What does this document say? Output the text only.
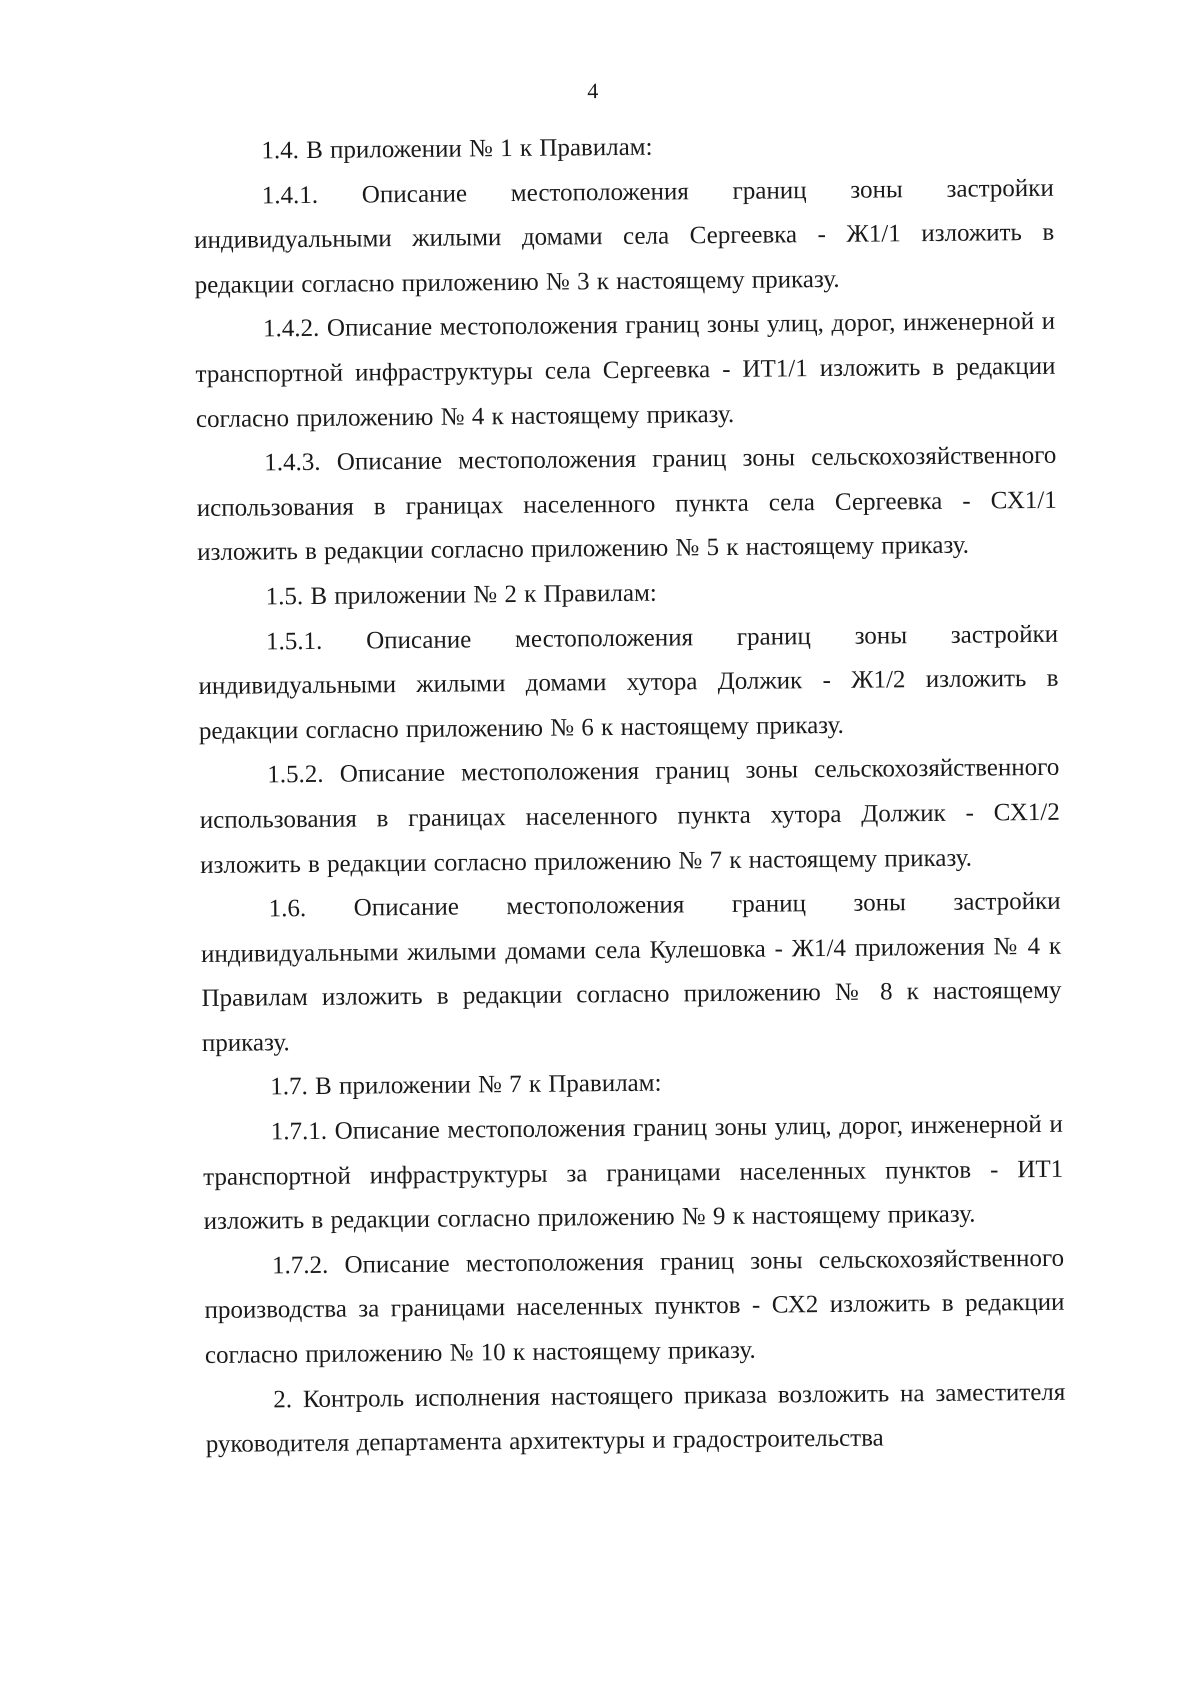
4

1.4. В приложении № 1 к Правилам:

1.4.1. Описание местоположения границ зоны застройки индивидуальными жилыми домами села Сергеевка - Ж1/1 изложить в редакции согласно приложению № 3 к настоящему приказу.

1.4.2. Описание местоположения границ зоны улиц, дорог, инженерной и транспортной инфраструктуры села Сергеевка - ИТ1/1 изложить в редакции согласно приложению № 4 к настоящему приказу.

1.4.3. Описание местоположения границ зоны сельскохозяйственного использования в границах населенного пункта села Сергеевка - СХ1/1 изложить в редакции согласно приложению № 5 к настоящему приказу.

1.5. В приложении № 2 к Правилам:

1.5.1. Описание местоположения границ зоны застройки индивидуальными жилыми домами хутора Должик - Ж1/2 изложить в редакции согласно приложению № 6 к настоящему приказу.

1.5.2. Описание местоположения границ зоны сельскохозяйственного использования в границах населенного пункта хутора Должик - СХ1/2 изложить в редакции согласно приложению № 7 к настоящему приказу.

1.6. Описание местоположения границ зоны застройки индивидуальными жилыми домами села Кулешовка - Ж1/4 приложения № 4 к Правилам изложить в редакции согласно приложению № 8 к настоящему приказу.

1.7. В приложении № 7 к Правилам:

1.7.1. Описание местоположения границ зоны улиц, дорог, инженерной и транспортной инфраструктуры за границами населенных пунктов - ИТ1 изложить в редакции согласно приложению № 9 к настоящему приказу.

1.7.2. Описание местоположения границ зоны сельскохозяйственного производства за границами населенных пунктов - СХ2 изложить в редакции согласно приложению № 10 к настоящему приказу.

2. Контроль исполнения настоящего приказа возложить на заместителя руководителя департамента архитектуры и градостроительства
